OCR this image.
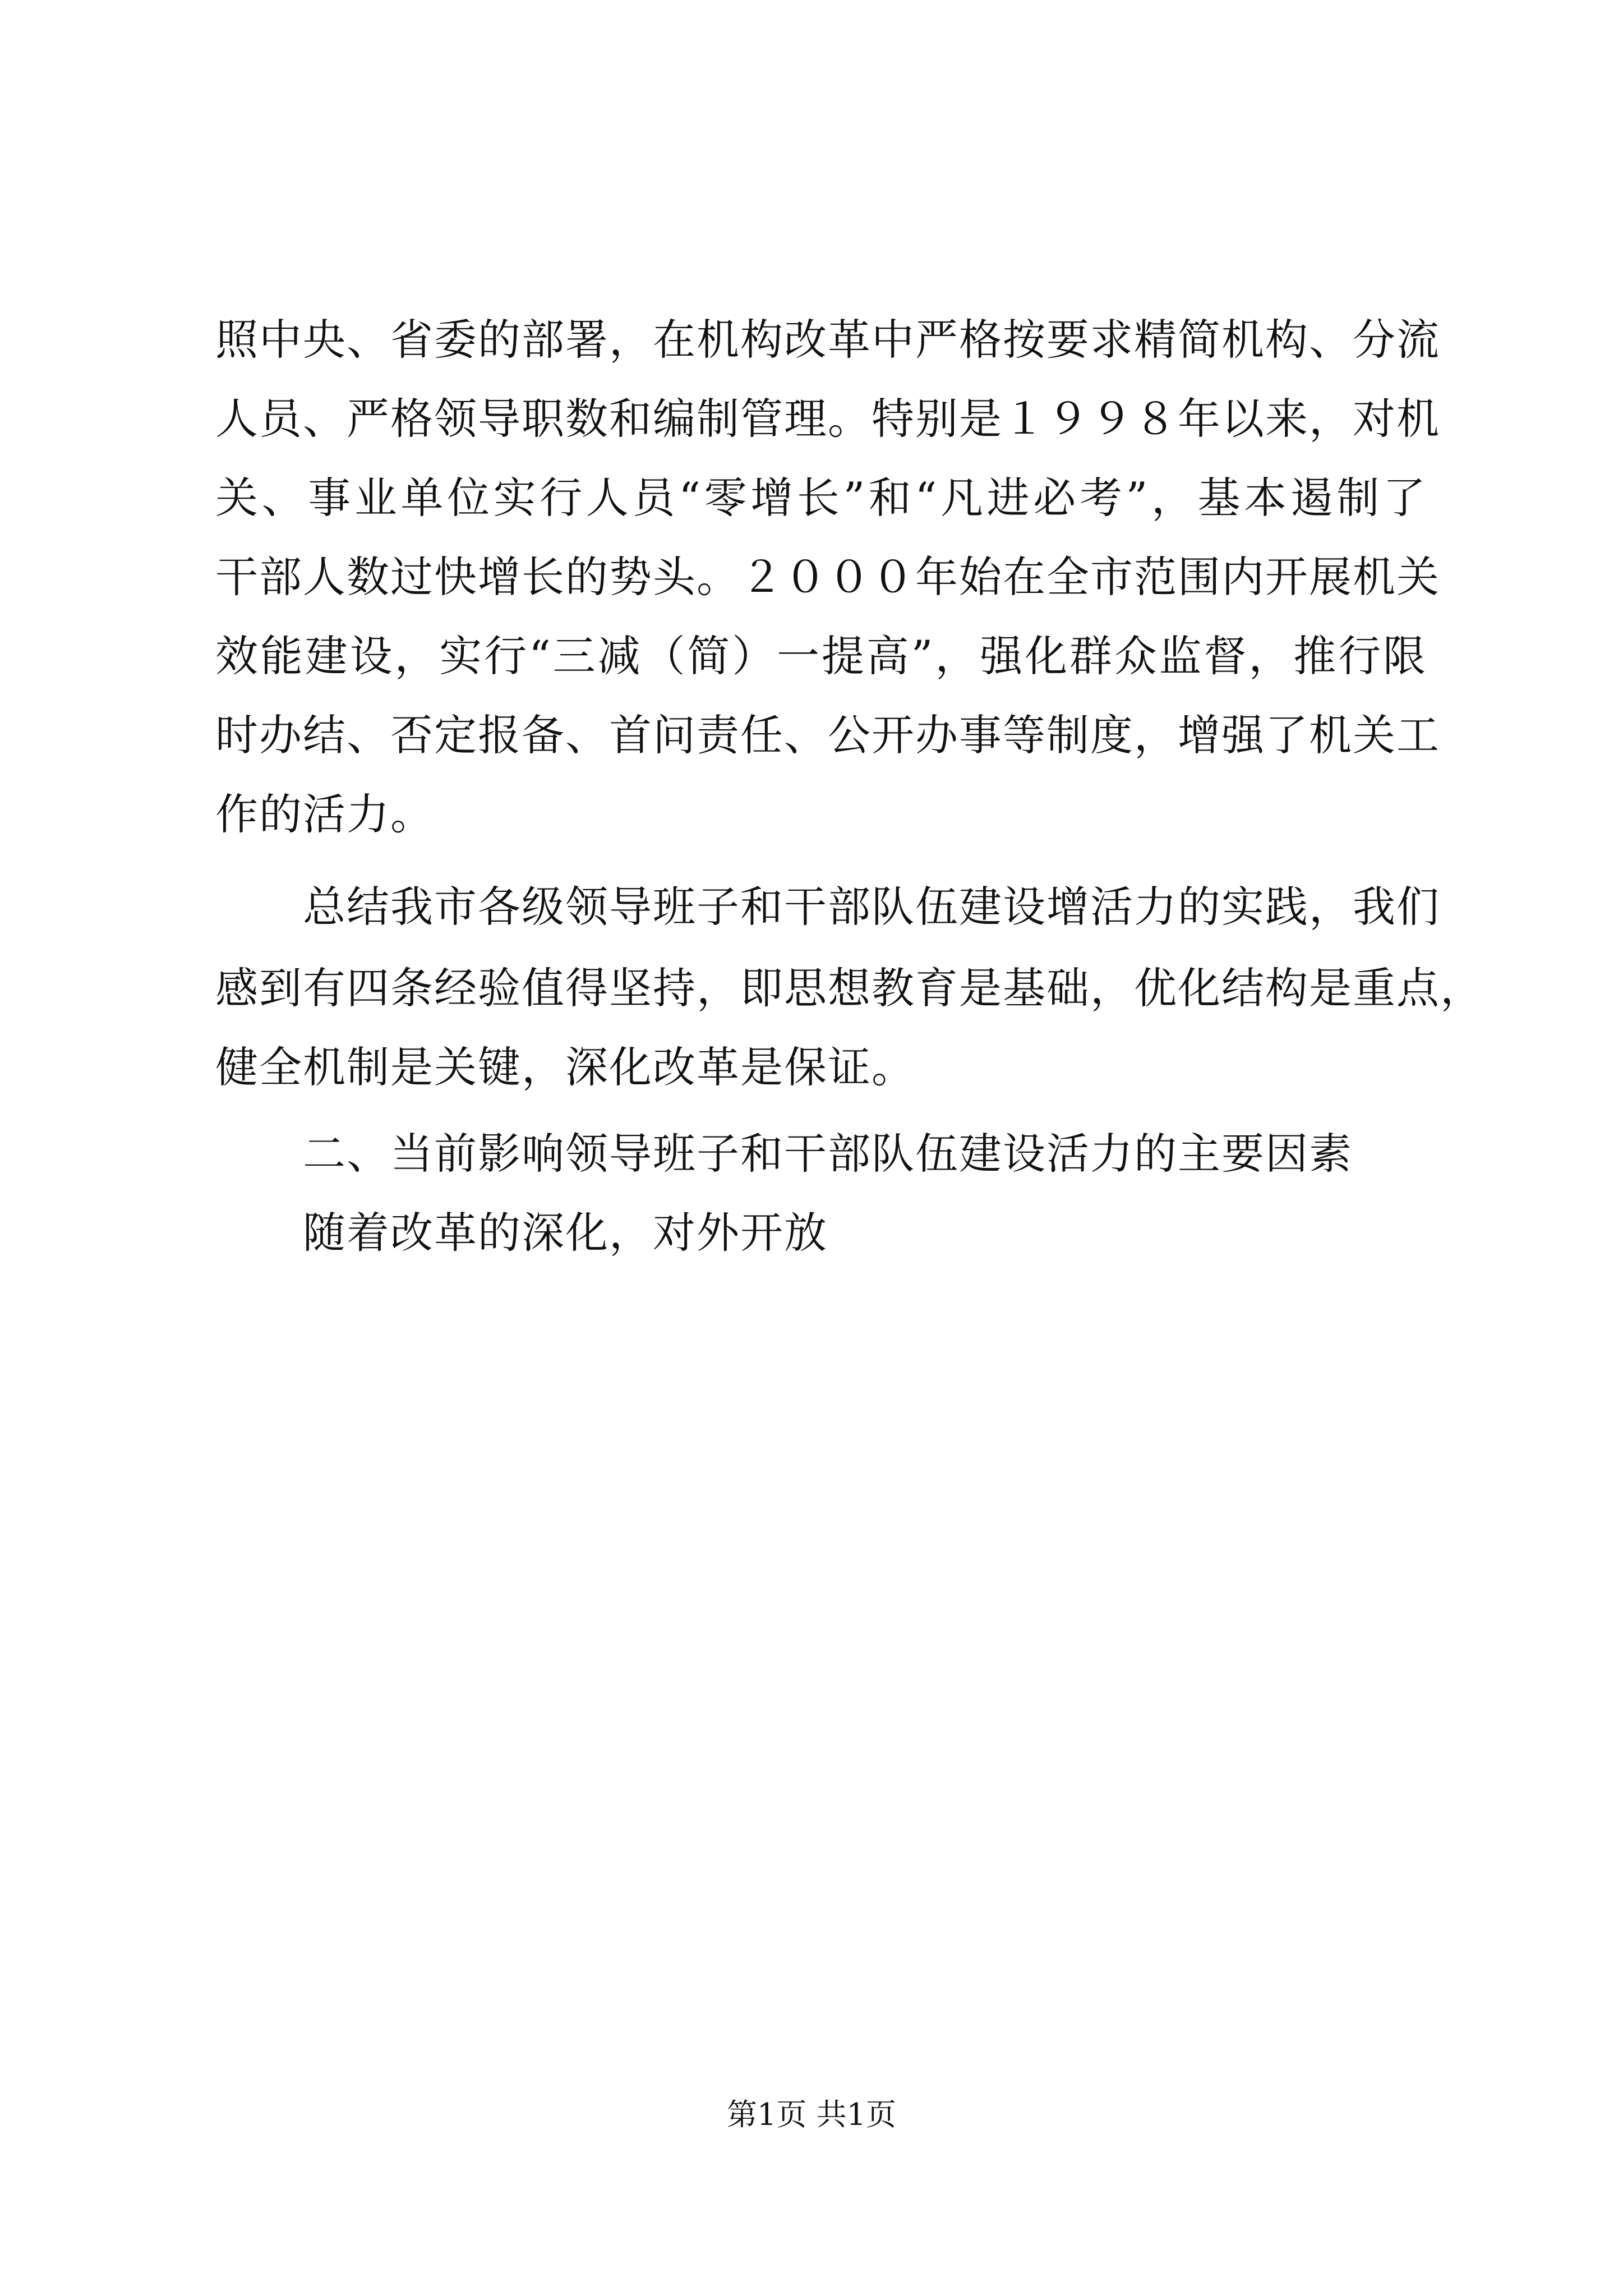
照中央、省委的部署，在机构改革中严格按要求精简机构、分流
人员、严格领导职数和编制管理。特别是１９９８年以来，对机
关、事业单位实行人员“零增长”和“凡进必考”，基本遏制了
干部人数过快增长的势头。２０００年始在全市范围内开展机关
效能建设，实行“三减（简）一提高”，强化群众监督，推行限
时办结、否定报备、首问责任、公开办事等制度，增强了机关工
作的活力。
总结我市各级领导班子和干部队伍建设增活力的实践，我们
感到有四条经验值得坚持，即思想教育是基础，优化结构是重点，
健全机制是关键，深化改革是保证。
二、当前影响领导班子和干部队伍建设活力的主要因素
随着改革的深化，对外开放
第1页 共1页
